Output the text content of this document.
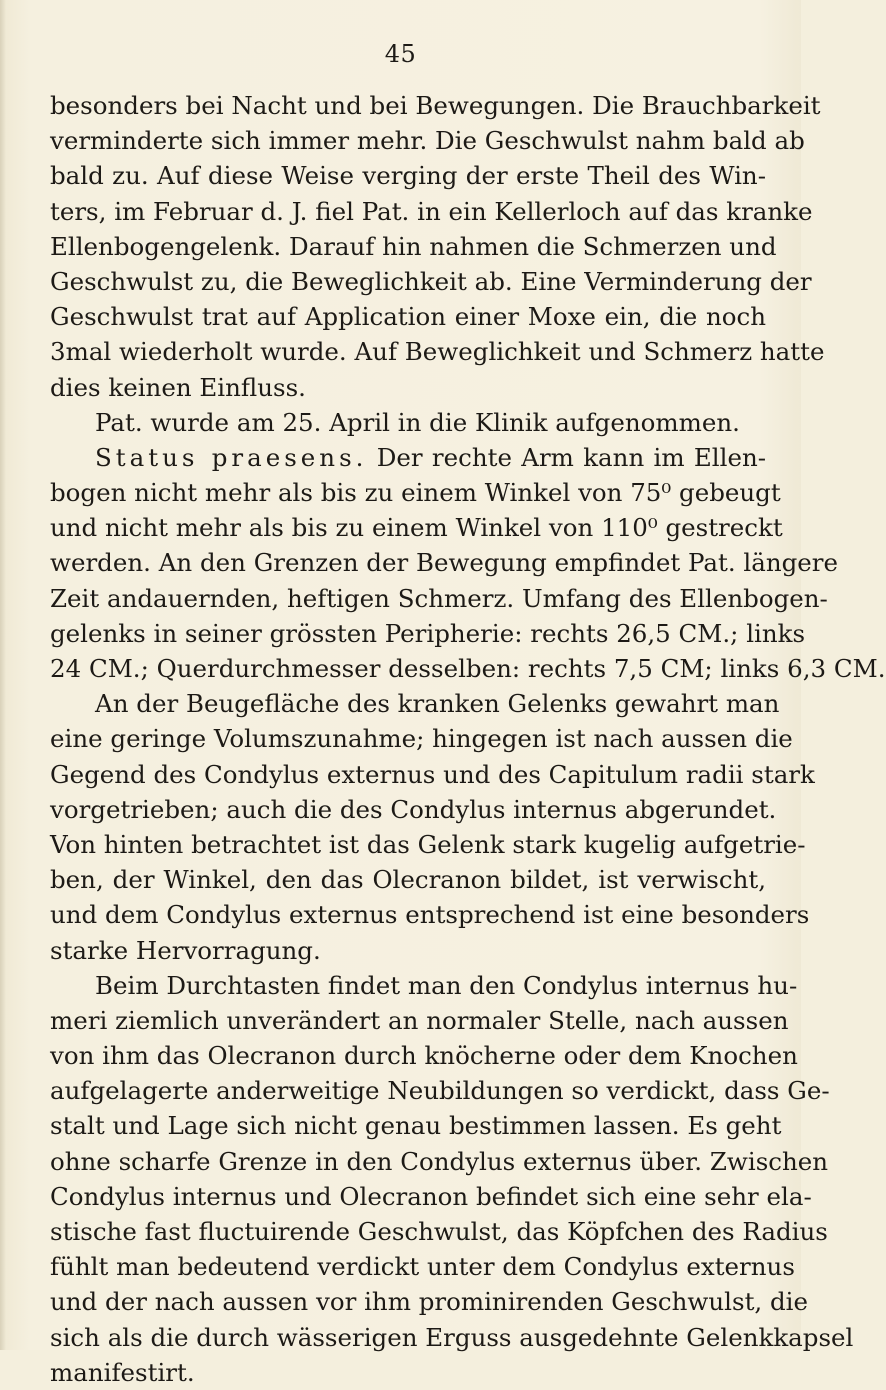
45
besonders bei Nacht und bei Bewegungen. Die Brauchbarkeit
verminderte sich immer mehr. Die Geschwulst nahm bald ab
bald zu. Auf diese Weise verging der erste Theil des Win-
ters, im Februar d. J. fiel Pat. in ein Kellerloch auf das kranke
Ellenbogengelenk. Darauf hin nahmen die Schmerzen und
Geschwulst zu, die Beweglichkeit ab. Eine Verminderung der
Geschwulst trat auf Application einer Moxe ein, die noch
3mal wiederholt wurde. Auf Beweglichkeit und Schmerz hatte
dies keinen Einfluss.
Pat. wurde am 25. April in die Klinik aufgenommen.
Status praesens. Der rechte Arm kann im Ellen-
bogen nicht mehr als bis zu einem Winkel von 75⁰ gebeugt
und nicht mehr als bis zu einem Winkel von 110⁰ gestreckt
werden. An den Grenzen der Bewegung empfindet Pat. längere
Zeit andauernden, heftigen Schmerz. Umfang des Ellenbogen-
gelenks in seiner grössten Peripherie: rechts 26,5 CM.; links
24 CM.; Querdurchmesser desselben: rechts 7,5 CM; links 6,3 CM.
An der Beugefläche des kranken Gelenks gewahrt man
eine geringe Volumszunahme; hingegen ist nach aussen die
Gegend des Condylus externus und des Capitulum radii stark
vorgetrieben; auch die des Condylus internus abgerundet.
Von hinten betrachtet ist das Gelenk stark kugelig aufgetrie-
ben, der Winkel, den das Olecranon bildet, ist verwischt,
und dem Condylus externus entsprechend ist eine besonders
starke Hervorragung.
Beim Durchtasten findet man den Condylus internus hu-
meri ziemlich unverändert an normaler Stelle, nach aussen
von ihm das Olecranon durch knöcherne oder dem Knochen
aufgelagerte anderweitige Neubildungen so verdickt, dass Ge-
stalt und Lage sich nicht genau bestimmen lassen. Es geht
ohne scharfe Grenze in den Condylus externus über. Zwischen
Condylus internus und Olecranon befindet sich eine sehr ela-
stische fast fluctuirende Geschwulst, das Köpfchen des Radius
fühlt man bedeutend verdickt unter dem Condylus externus
und der nach aussen vor ihm prominirenden Geschwulst, die
sich als die durch wässerigen Erguss ausgedehnte Gelenkkapsel
manifestirt.
